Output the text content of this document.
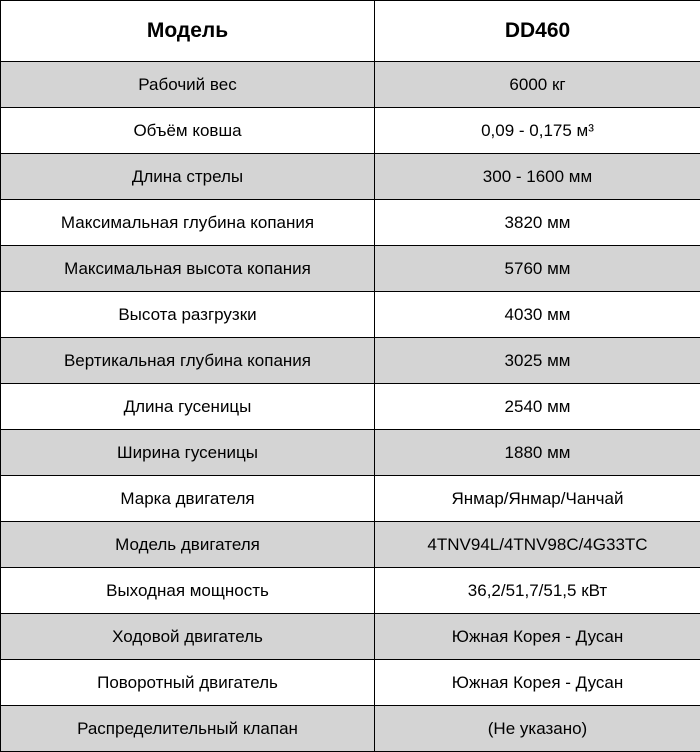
Модель	DD460
Рабочий вес	6000 кг
Объём ковша	0,09 - 0,175 м³
Длина стрелы	300 - 1600 мм
Максимальная глубина копания	3820 мм
Максимальная высота копания	5760 мм
Высота разгрузки	4030 мм
Вертикальная глубина копания	3025 мм
Длина гусеницы	2540 мм
Ширина гусеницы	1880 мм
Марка двигателя	Янмар/Янмар/Чанчай
Модель двигателя	4TNV94L/4TNV98C/4G33TC
Выходная мощность	36,2/51,7/51,5 кВт
Ходовой двигатель	Южная Корея - Дусан
Поворотный двигатель	Южная Корея - Дусан
Распределительный клапан	(Не указано)
